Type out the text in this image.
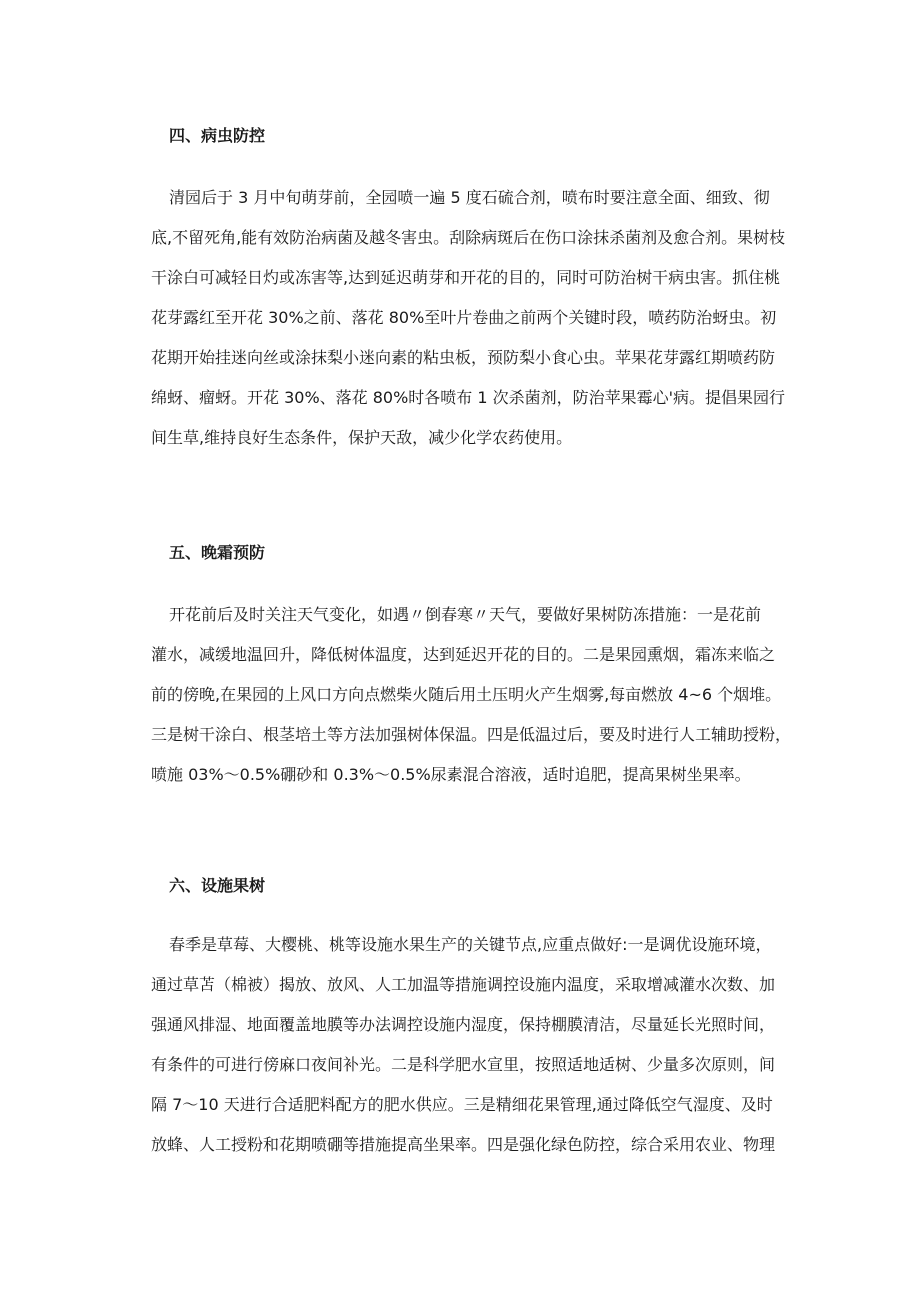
四、病虫防控
清园后于 3 月中旬萌芽前，全园喷一遍 5 度石硫合剂，喷布时要注意全面、细致、彻
底,不留死角,能有效防治病菌及越冬害虫。刮除病斑后在伤口涂抹杀菌剂及愈合剂。果树枝
干涂白可减轻日灼或冻害等,达到延迟萌芽和开花的目的，同时可防治树干病虫害。抓住桃
花芽露红至开花 30%之前、落花 80%至叶片卷曲之前两个关键时段，喷药防治蚜虫。初
花期开始挂迷向丝或涂抹梨小迷向素的粘虫板，预防梨小食心虫。苹果花芽露红期喷药防
绵蚜、瘤蚜。开花 30%、落花 80%时各喷布 1 次杀菌剂，防治苹果霉心'病。提倡果园行
间生草,维持良好生态条件，保护天敌，减少化学农药使用。
五、晚霜预防
开花前后及时关注天气变化，如遇〃倒春寒〃天气，要做好果树防冻措施：一是花前
灌水，减缓地温回升，降低树体温度，达到延迟开花的目的。二是果园熏烟，霜冻来临之
前的傍晚,在果园的上风口方向点燃柴火随后用土压明火产生烟雾,每亩燃放 4~6 个烟堆。
三是树干涂白、根茎培土等方法加强树体保温。四是低温过后，要及时进行人工辅助授粉，
喷施 03%～0.5%硼砂和 0.3%～0.5%尿素混合溶液，适时追肥，提高果树坐果率。
六、设施果树
春季是草莓、大樱桃、桃等设施水果生产的关键节点,应重点做好:一是调优设施环境，
通过草苫（棉被）揭放、放风、人工加温等措施调控设施内温度，采取增减灌水次数、加
强通风排湿、地面覆盖地膜等办法调控设施内湿度，保持棚膜清洁，尽量延长光照时间，
有条件的可进行傍麻口夜间补光。二是科学肥水宣里，按照适地适树、少量多次原则，间
隔 7～10 天进行合适肥料配方的肥水供应。三是精细花果管理,通过降低空气湿度、及时
放蜂、人工授粉和花期喷硼等措施提高坐果率。四是强化绿色防控，综合采用农业、物理
